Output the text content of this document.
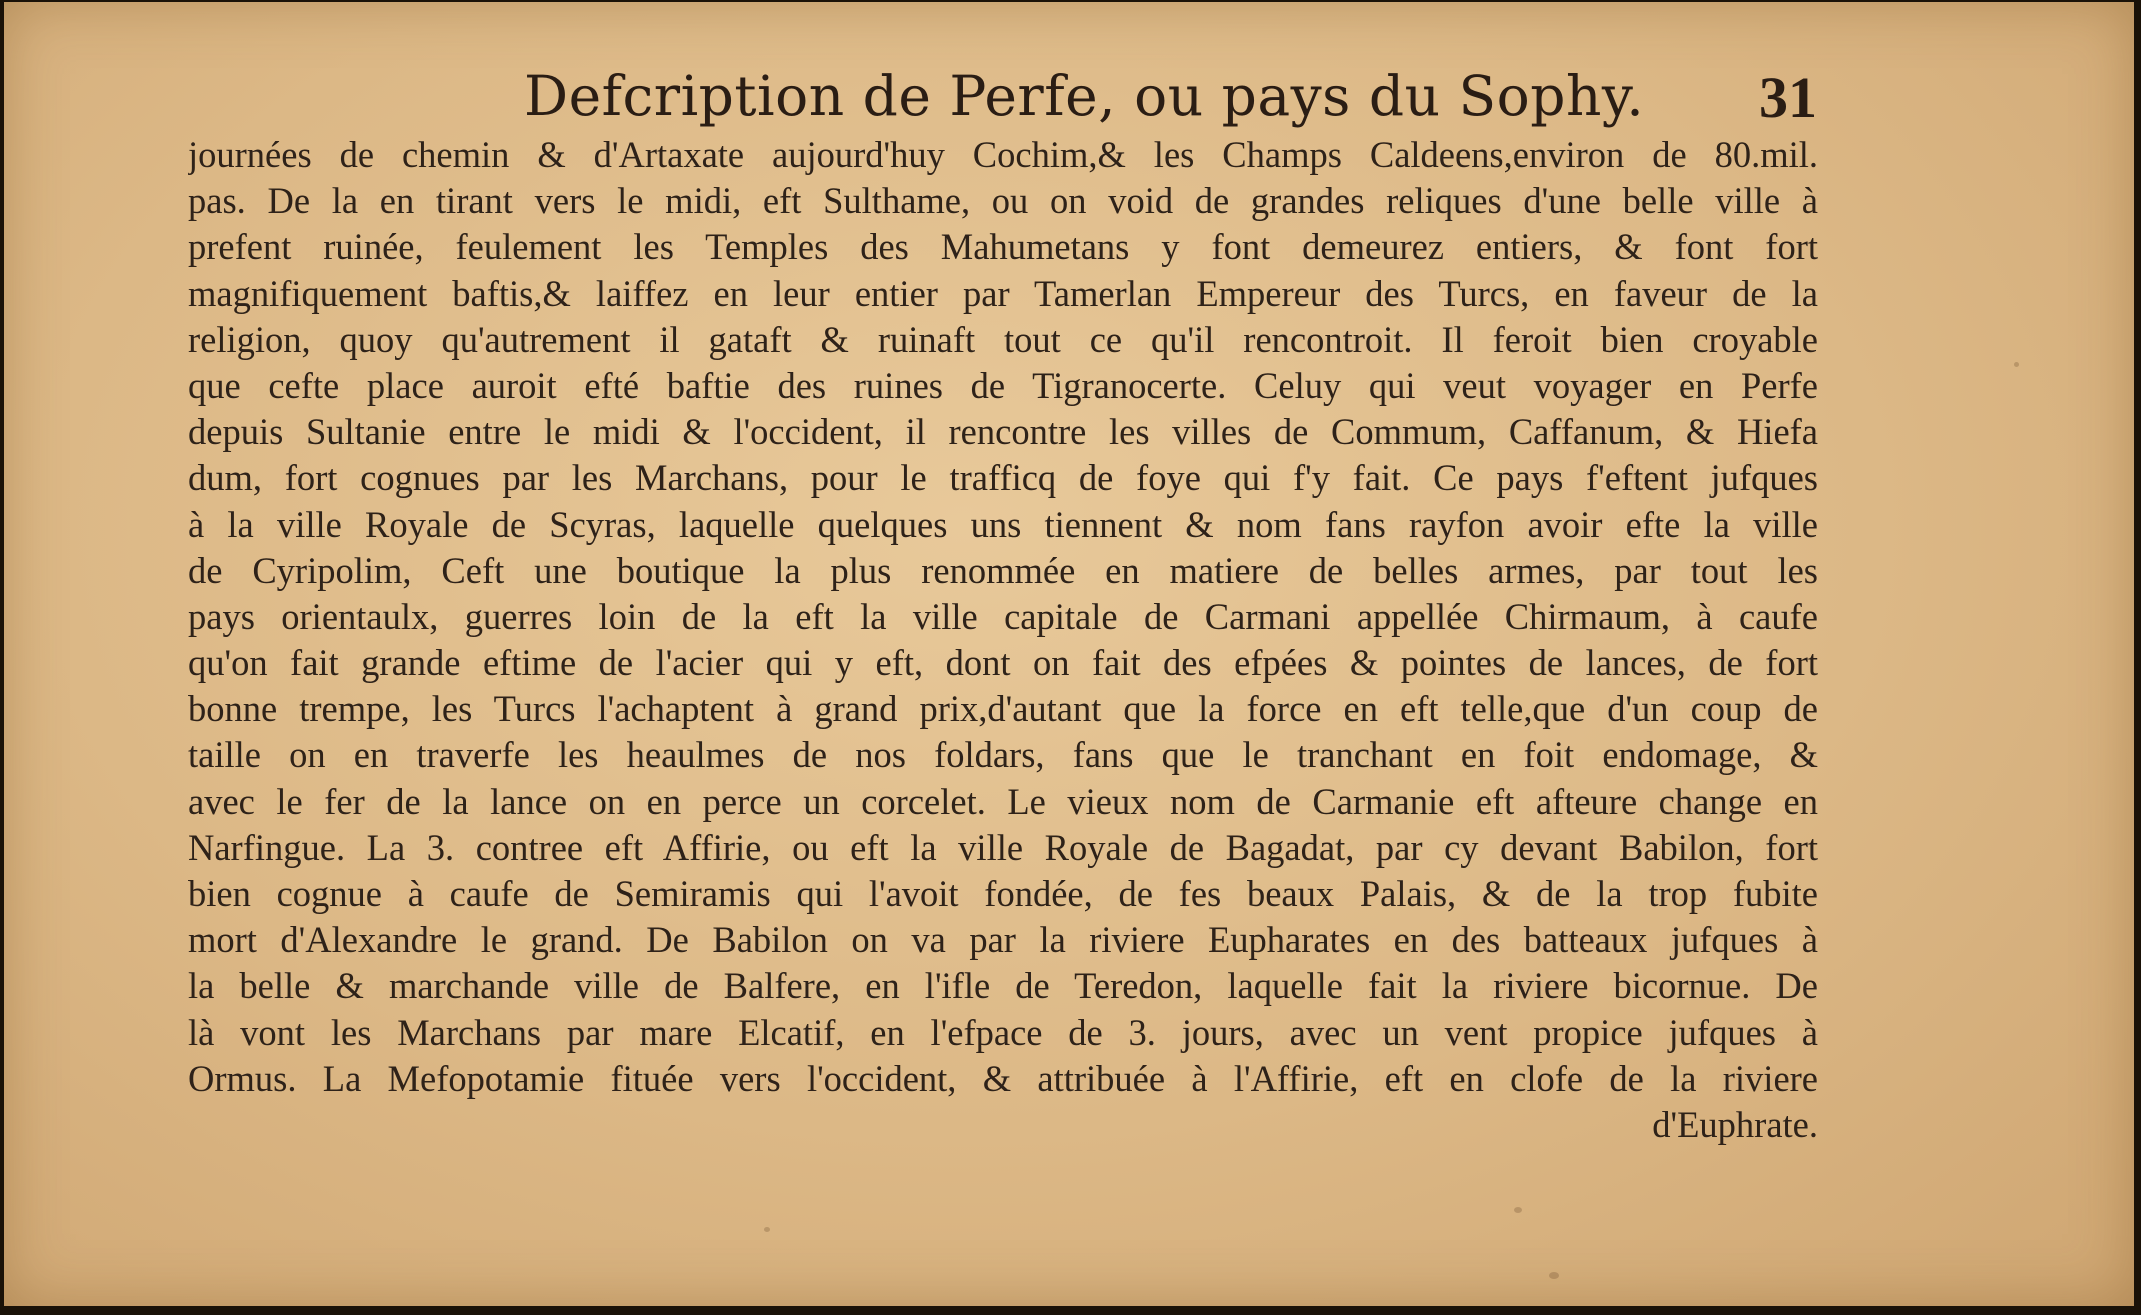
Defcription de Perfe, ou pays du Sophy. 31
journées de chemin & d'Artaxate aujourd'huy Cochim,& les Champs Caldeens,environ de 80.mil.
pas. De la en tirant vers le midi, eft Sulthame, ou on void de grandes reliques d'une belle ville à
prefent ruinée, feulement les Temples des Mahumetans y font demeurez entiers, & font fort
magnifiquement baftis,& laiffez en leur entier par Tamerlan Empereur des Turcs, en faveur de la
religion, quoy qu'autrement il gataft & ruinaft tout ce qu'il rencontroit. Il feroit bien croyable
que cefte place auroit efté baftie des ruines de Tigranocerte. Celuy qui veut voyager en Perfe
depuis Sultanie entre le midi & l'occident, il rencontre les villes de Commum, Caffanum, & Hiefa
dum, fort cognues par les Marchans, pour le trafficq de foye qui f'y fait. Ce pays f'eftent jufques
à la ville Royale de Scyras, laquelle quelques uns tiennent & nom fans rayfon avoir efte la ville
de Cyripolim, Ceft une boutique la plus renommée en matiere de belles armes, par tout les
pays orientaulx, guerres loin de la eft la ville capitale de Carmani appellée Chirmaum, à caufe
qu'on fait grande eftime de l'acier qui y eft, dont on fait des efpées & pointes de lances, de fort
bonne trempe, les Turcs l'achaptent à grand prix,d'autant que la force en eft telle,que d'un coup de
taille on en traverfe les heaulmes de nos foldars, fans que le tranchant en foit endomage, &
avec le fer de la lance on en perce un corcelet. Le vieux nom de Carmanie eft afteure change en
Narfingue. La 3. contree eft Affirie, ou eft la ville Royale de Bagadat, par cy devant Babilon, fort
bien cognue à caufe de Semiramis qui l'avoit fondée, de fes beaux Palais, & de la trop fubite
mort d'Alexandre le grand. De Babilon on va par la riviere Eupharates en des batteaux jufques à
la belle & marchande ville de Balfere, en l'ifle de Teredon, laquelle fait la riviere bicornue. De
là vont les Marchans par mare Elcatif, en l'efpace de 3. jours, avec un vent propice jufques à
Ormus. La Mefopotamie fituée vers l'occident, & attribuée à l'Affirie, eft en clofe de la riviere
d'Euphrate.
